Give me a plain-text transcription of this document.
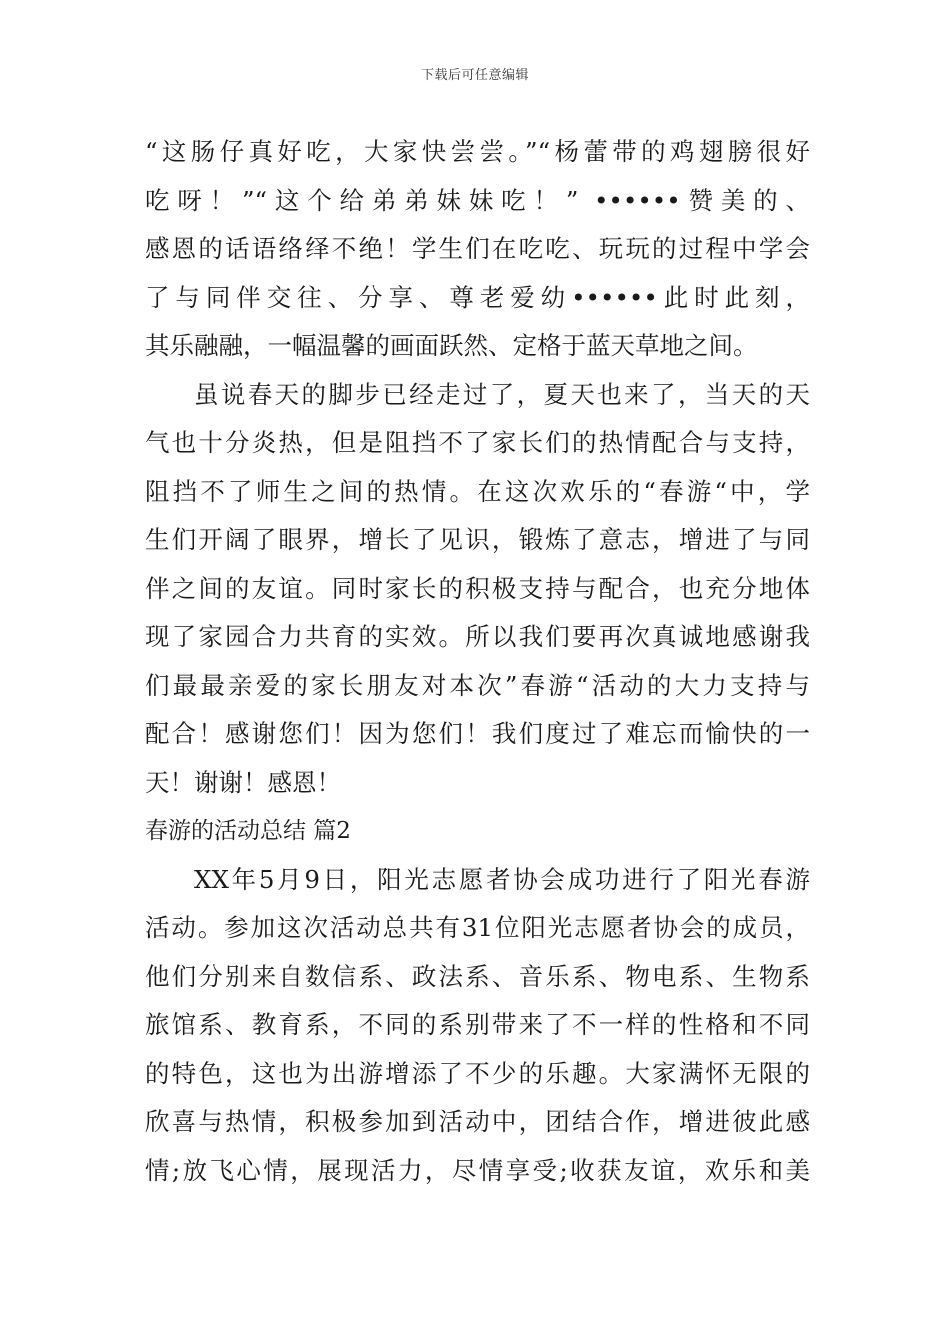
下载后可任意编辑
“这肠仔真好吃，大家快尝尝。”“杨蕾带的鸡翅膀很好
吃呀！”“这个给弟弟妹妹吃！” ••••••赞美的、
感恩的话语络绎不绝！学生们在吃吃、玩玩的过程中学会
了与同伴交往、分享、尊老爱幼••••••此时此刻，
其乐融融，一幅温馨的画面跃然、定格于蓝天草地之间。
虽说春天的脚步已经走过了，夏天也来了，当天的天
气也十分炎热，但是阻挡不了家长们的热情配合与支持，
阻挡不了师生之间的热情。在这次欢乐的“春游“中，学
生们开阔了眼界，增长了见识，锻炼了意志，增进了与同
伴之间的友谊。同时家长的积极支持与配合，也充分地体
现了家园合力共育的实效。所以我们要再次真诚地感谢我
们最最亲爱的家长朋友对本次”春游“活动的大力支持与
配合！感谢您们！因为您们！我们度过了难忘而愉快的一
天！谢谢！感恩！
春游的活动总结 篇2
XX年5月9日，阳光志愿者协会成功进行了阳光春游
活动。参加这次活动总共有31位阳光志愿者协会的成员，
他们分别来自数信系、政法系、音乐系、物电系、生物系
旅馆系、教育系，不同的系别带来了不一样的性格和不同
的特色，这也为出游增添了不少的乐趣。大家满怀无限的
欣喜与热情，积极参加到活动中，团结合作，增进彼此感
情;放飞心情，展现活力，尽情享受;收获友谊，欢乐和美
